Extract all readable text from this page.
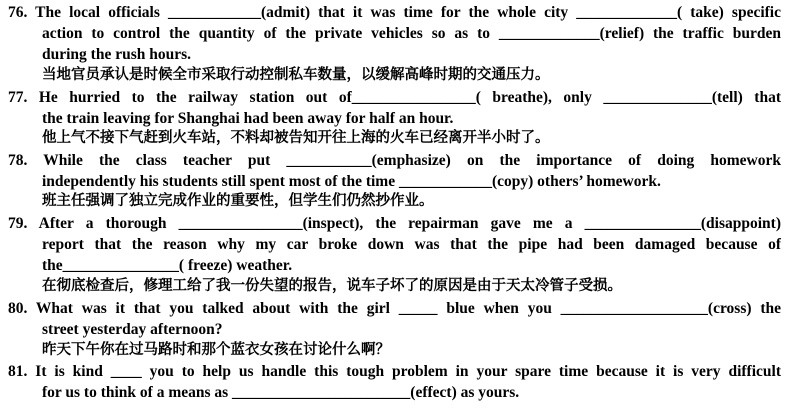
76. The local officials ____________(admit) that it was time for the whole city _____________( take) specific
action to control the quantity of the private vehicles so as to _____________(relief) the traffic burden
during the rush hours.
当地官员承认是时候全市采取行动控制私车数量，以缓解高峰时期的交通压力。
77. He hurried to the railway station out of________________( breathe), only ______________(tell) that
the train leaving for Shanghai had been away for half an hour.
他上气不接下气赶到火车站，不料却被告知开往上海的火车已经离开半小时了。
78. While the class teacher put ___________(emphasize) on the importance of doing homework
independently his students still spent most of the time ____________(copy) others’ homework.
班主任强调了独立完成作业的重要性，但学生们仍然抄作业。
79. After a thorough ________________(inspect), the repairman gave me a _______________(disappoint)
report that the reason why my car broke down was that the pipe had been damaged because of
the_______________( freeze) weather.
在彻底检查后，修理工给了我一份失望的报告，说车子坏了的原因是由于天太冷管子受损。
80. What was it that you talked about with the girl _____ blue when you ___________________(cross) the
street yesterday afternoon?
昨天下午你在过马路时和那个蓝衣女孩在讨论什么啊？
81. It is kind ____ you to help us handle this tough problem in your spare time because it is very difficult
for us to think of a means as _______________________(effect) as yours.
